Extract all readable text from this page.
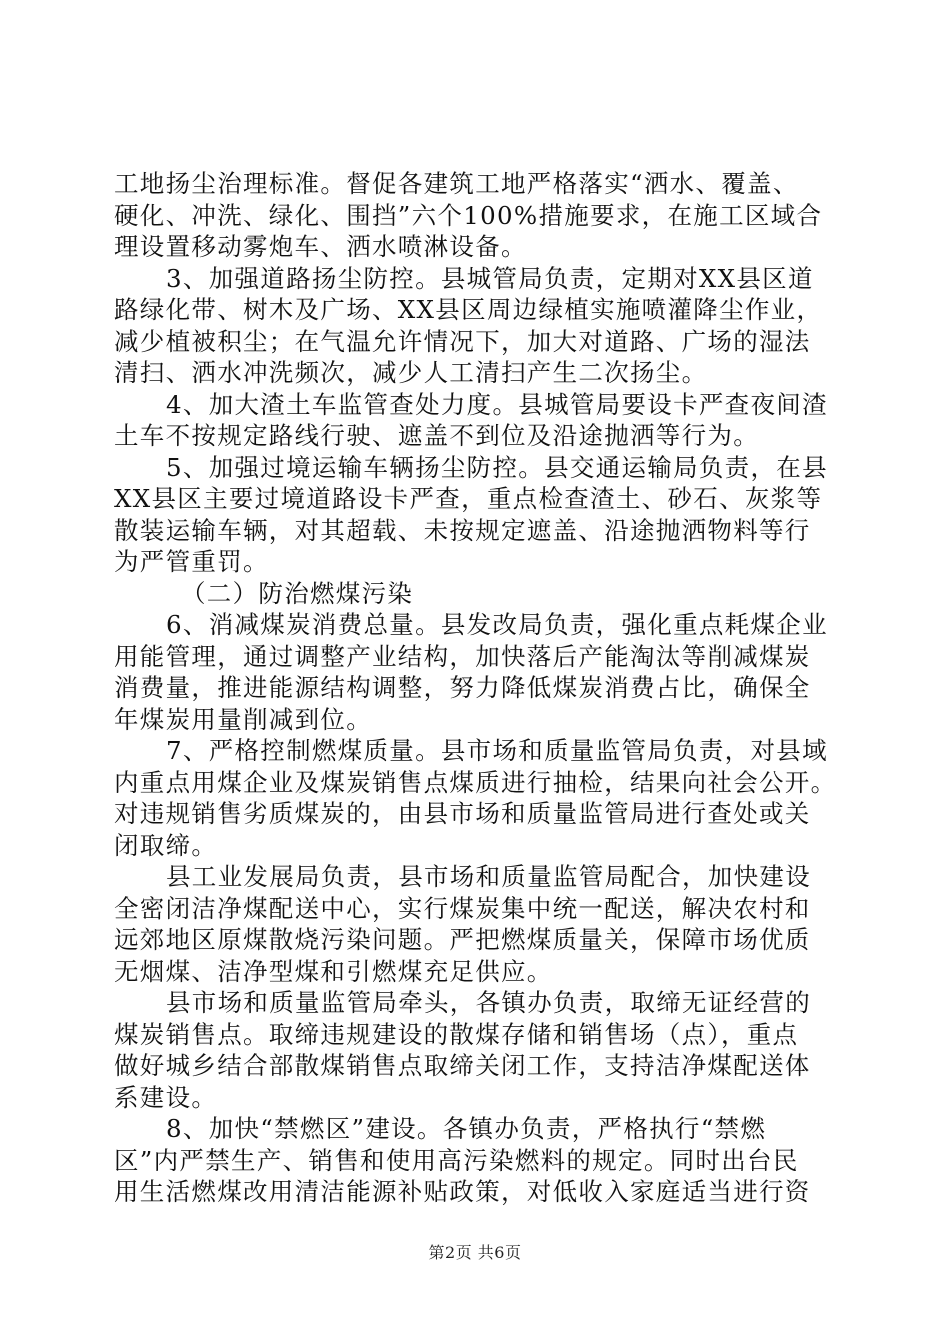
工地扬尘治理标准。督促各建筑工地严格落实“洒水、覆盖、
硬化、冲洗、绿化、围挡”六个100%措施要求，在施工区域合
理设置移动雾炮车、洒水喷淋设备。
3、加强道路扬尘防控。县城管局负责，定期对XX县区道
路绿化带、树木及广场、XX县区周边绿植实施喷灌降尘作业，
减少植被积尘；在气温允许情况下，加大对道路、广场的湿法
清扫、洒水冲洗频次，减少人工清扫产生二次扬尘。
4、加大渣土车监管查处力度。县城管局要设卡严查夜间渣
土车不按规定路线行驶、遮盖不到位及沿途抛洒等行为。
5、加强过境运输车辆扬尘防控。县交通运输局负责，在县
XX县区主要过境道路设卡严查，重点检查渣土、砂石、灰浆等
散装运输车辆，对其超载、未按规定遮盖、沿途抛洒物料等行
为严管重罚。
（二）防治燃煤污染
6、消减煤炭消费总量。县发改局负责，强化重点耗煤企业
用能管理，通过调整产业结构，加快落后产能淘汰等削减煤炭
消费量，推进能源结构调整，努力降低煤炭消费占比，确保全
年煤炭用量削减到位。
7、严格控制燃煤质量。县市场和质量监管局负责，对县域
内重点用煤企业及煤炭销售点煤质进行抽检，结果向社会公开。
对违规销售劣质煤炭的，由县市场和质量监管局进行查处或关
闭取缔。
县工业发展局负责，县市场和质量监管局配合，加快建设
全密闭洁净煤配送中心，实行煤炭集中统一配送，解决农村和
远郊地区原煤散烧污染问题。严把燃煤质量关，保障市场优质
无烟煤、洁净型煤和引燃煤充足供应。
县市场和质量监管局牵头，各镇办负责，取缔无证经营的
煤炭销售点。取缔违规建设的散煤存储和销售场（点），重点
做好城乡结合部散煤销售点取缔关闭工作，支持洁净煤配送体
系建设。
8、加快“禁燃区”建设。各镇办负责，严格执行“禁燃
区”内严禁生产、销售和使用高污染燃料的规定。同时出台民
用生活燃煤改用清洁能源补贴政策，对低收入家庭适当进行资
第2页 共6页
